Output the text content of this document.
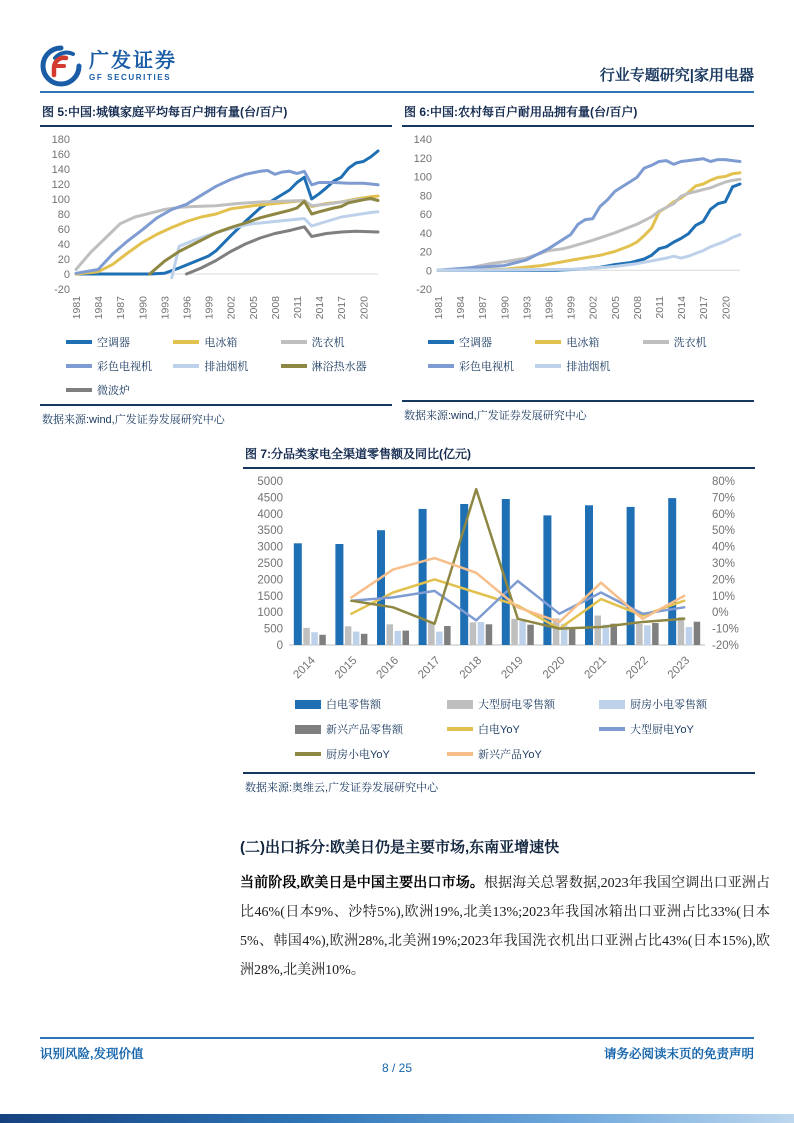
广发证券
GF SECURITIES	行业专题研究|家用电器
图 5:中国:城镇家庭平均每百户拥有量(台/百户)
180
160
140
120
100
80
60
40
20
0
-20
1981 1984 1987 1990 1993 1996 1999 2002 2005 2008 2011 2014 2017 2020
空调器	电冰箱	洗衣机
彩色电视机	排油烟机	淋浴热水器
微波炉
数据来源:wind,广发证券发展研究中心
图 6:中国:农村每百户耐用品拥有量(台/百户)
140
120
100
80
60
40
20
0
-20
1981 1984 1987 1990 1993 1996 1999 2002 2005 2008 2011 2014 2017 2020
空调器	电冰箱	洗衣机
彩色电视机	排油烟机
数据来源:wind,广发证券发展研究中心
图 7:分品类家电全渠道零售额及同比(亿元)
5000
4500
4000
3500
3000
2500
2000
1500
1000
500
0
80%
70%
60%
50%
40%
30%
20%
10%
0%
-10%
-20%
2014 2015 2016 2017 2018 2019 2020 2021 2022 2023
白电零售额	大型厨电零售额	厨房小电零售额
新兴产品零售额	白电YoY	大型厨电YoY
厨房小电YoY	新兴产品YoY
数据来源:奥维云,广发证券发展研究中心
(二)出口拆分:欧美日仍是主要市场,东南亚增速快
当前阶段,欧美日是中国主要出口市场。根据海关总署数据,2023年我国空调出口亚洲占比46%(日本9%、沙特5%),欧洲19%,北美13%;2023年我国冰箱出口亚洲占比33%(日本5%、韩国4%),欧洲28%,北美洲19%;2023年我国洗衣机出口亚洲占比43%(日本15%),欧洲28%,北美洲10%。
识别风险,发现价值	请务必阅读末页的免责声明
8 / 25
